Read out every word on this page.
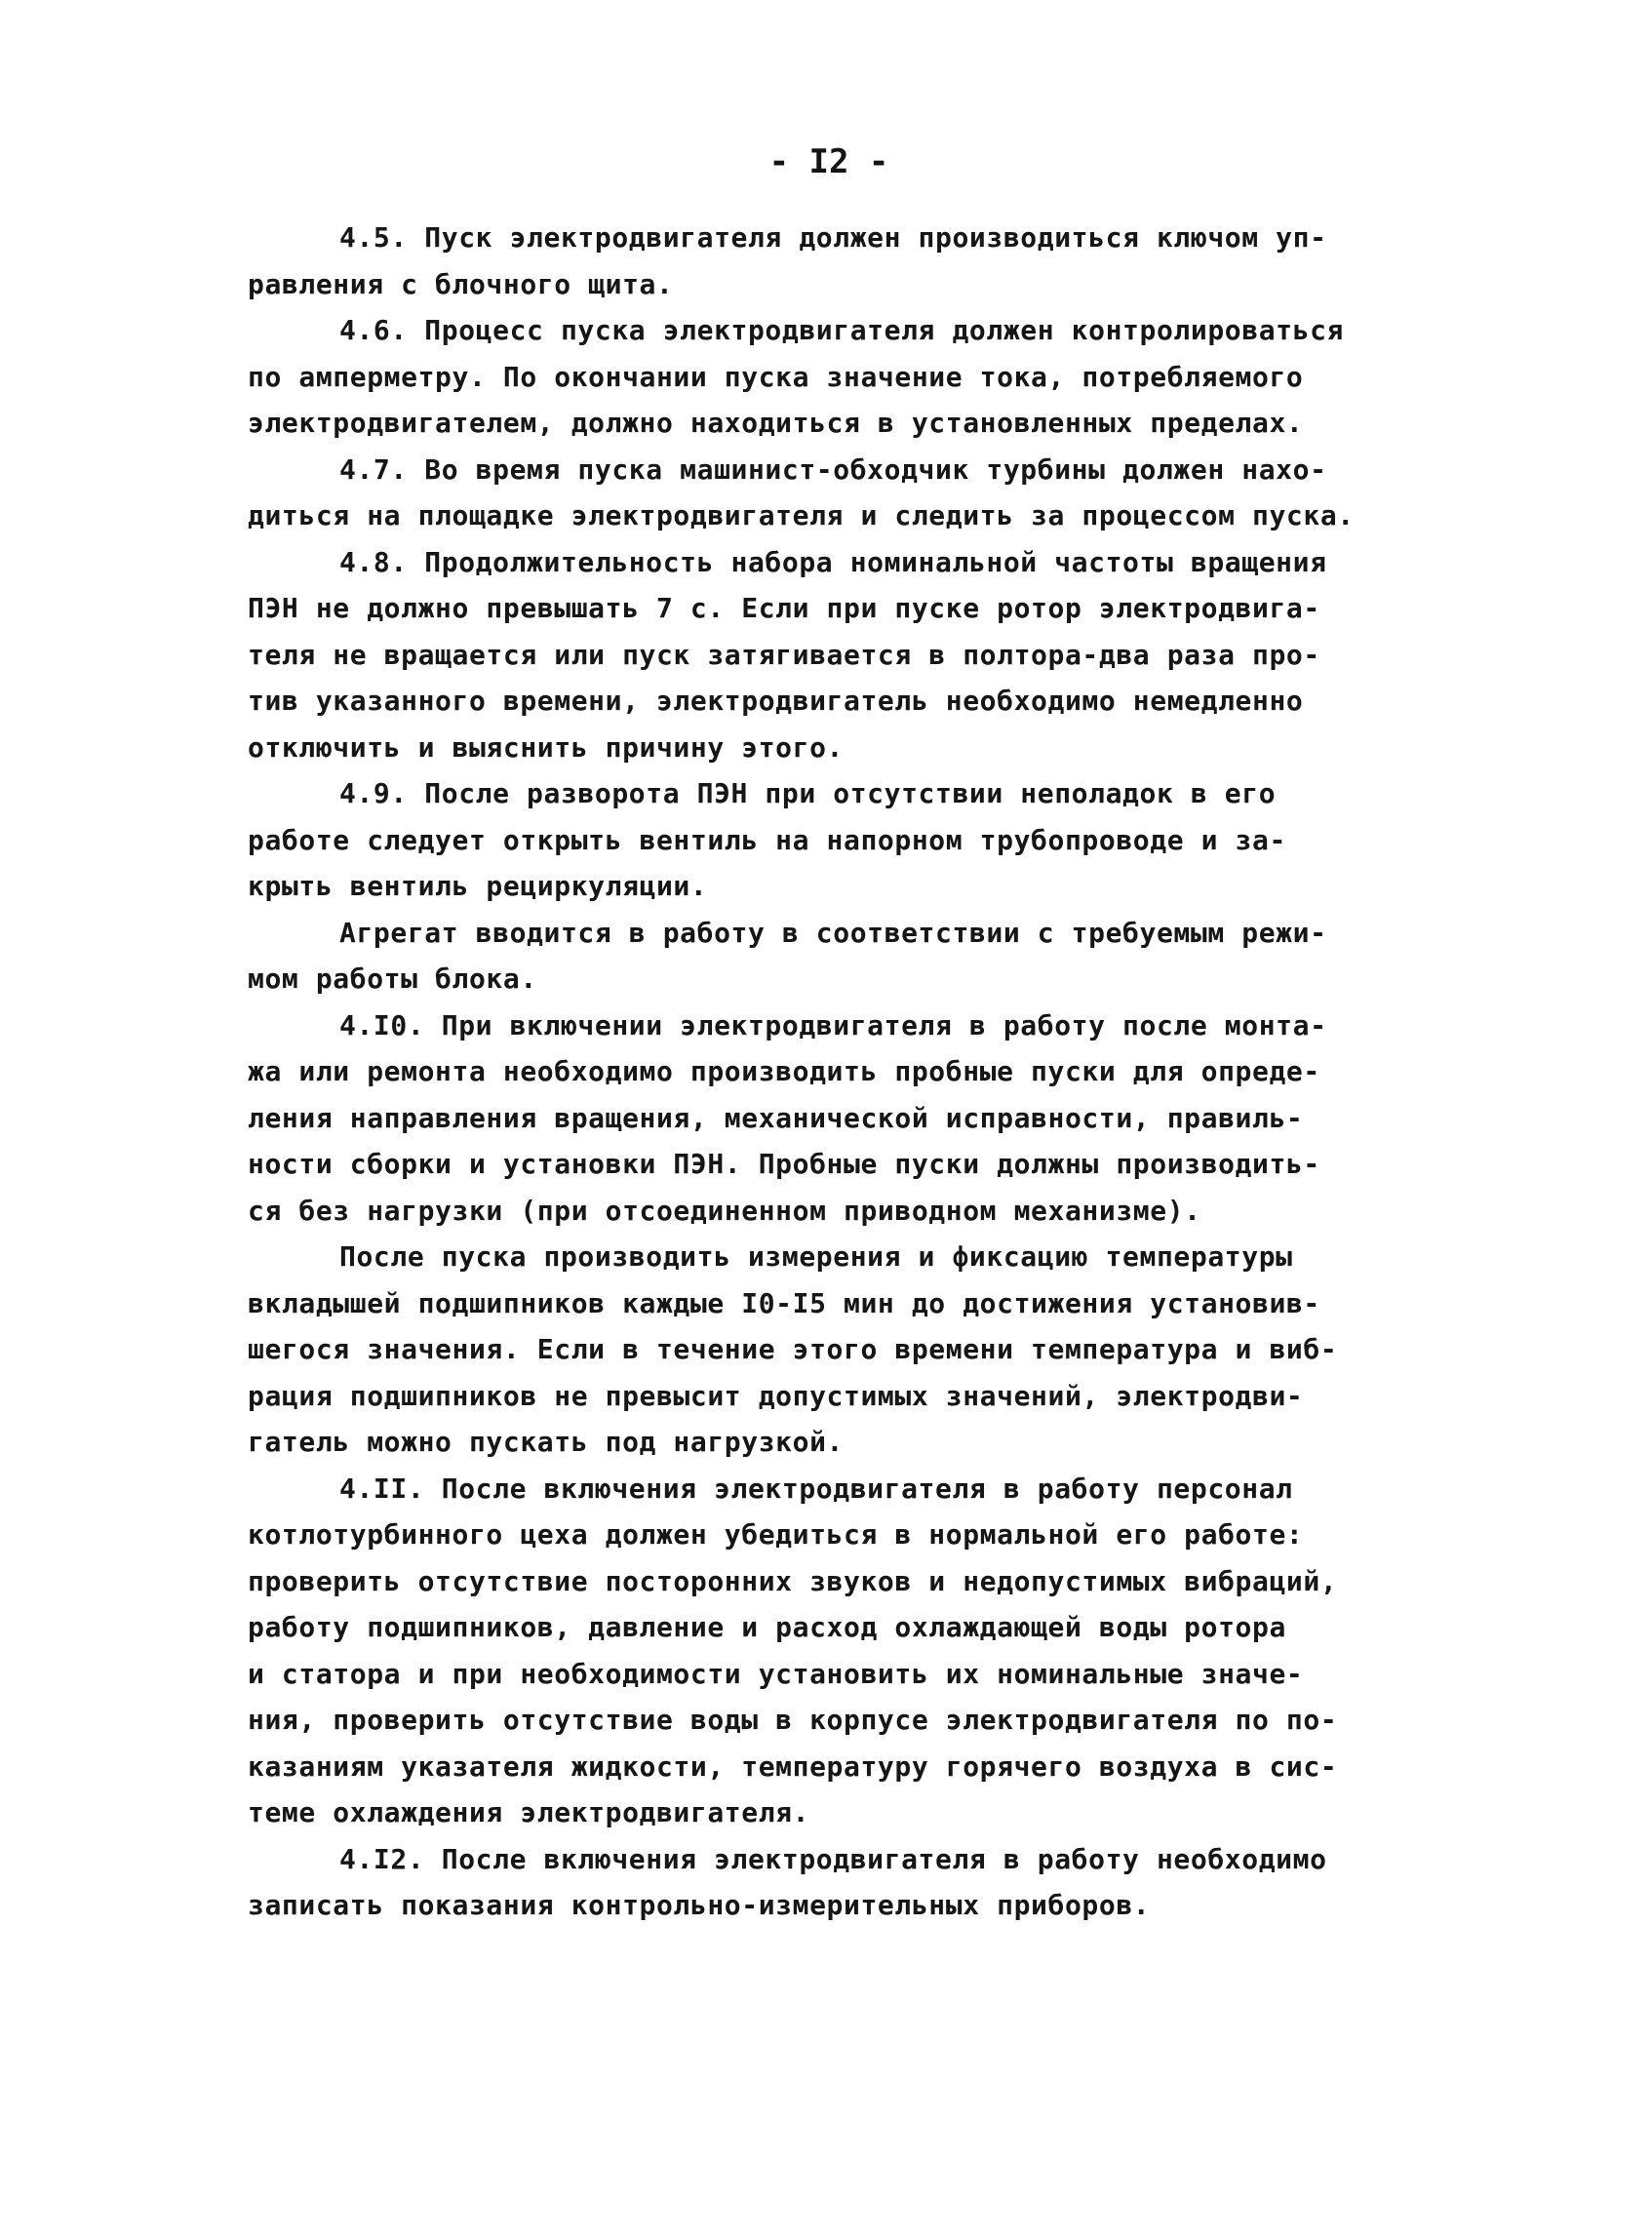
- I2 -
4.5. Пуск электродвигателя должен производиться ключом уп-
равления с блочного щита.
4.6. Процесс пуска электродвигателя должен контролироваться
по амперметру. По окончании пуска значение тока, потребляемого
электродвигателем, должно находиться в установленных пределах.
4.7. Во время пуска машинист-обходчик турбины должен нахо-
диться на площадке электродвигателя и следить за процессом пуска.
4.8. Продолжительность набора номинальной частоты вращения
ПЭН не должно превышать 7 с. Если при пуске ротор электродвига-
теля не вращается или пуск затягивается в полтора-два раза про-
тив указанного времени, электродвигатель необходимо немедленно
отключить и выяснить причину этого.
4.9. После разворота ПЭН при отсутствии неполадок в его
работе следует открыть вентиль на напорном трубопроводе и за-
крыть вентиль рециркуляции.
Агрегат вводится в работу в соответствии с требуемым режи-
мом работы блока.
4.I0. При включении электродвигателя в работу после монта-
жа или ремонта необходимо производить пробные пуски для опреде-
ления направления вращения, механической исправности, правиль-
ности сборки и установки ПЭН. Пробные пуски должны производить-
ся без нагрузки (при отсоединенном приводном механизме).
После пуска производить измерения и фиксацию температуры
вкладышей подшипников каждые I0-I5 мин до достижения установив-
шегося значения. Если в течение этого времени температура и виб-
рация подшипников не превысит допустимых значений, электродви-
гатель можно пускать под нагрузкой.
4.II. После включения электродвигателя в работу персонал
котлотурбинного цеха должен убедиться в нормальной его работе:
проверить отсутствие посторонних звуков и недопустимых вибраций,
работу подшипников, давление и расход охлаждающей воды ротора
и статора и при необходимости установить их номинальные значе-
ния, проверить отсутствие воды в корпусе электродвигателя по по-
казаниям указателя жидкости, температуру горячего воздуха в сис-
теме охлаждения электродвигателя.
4.I2. После включения электродвигателя в работу необходимо
записать показания контрольно-измерительных приборов.
